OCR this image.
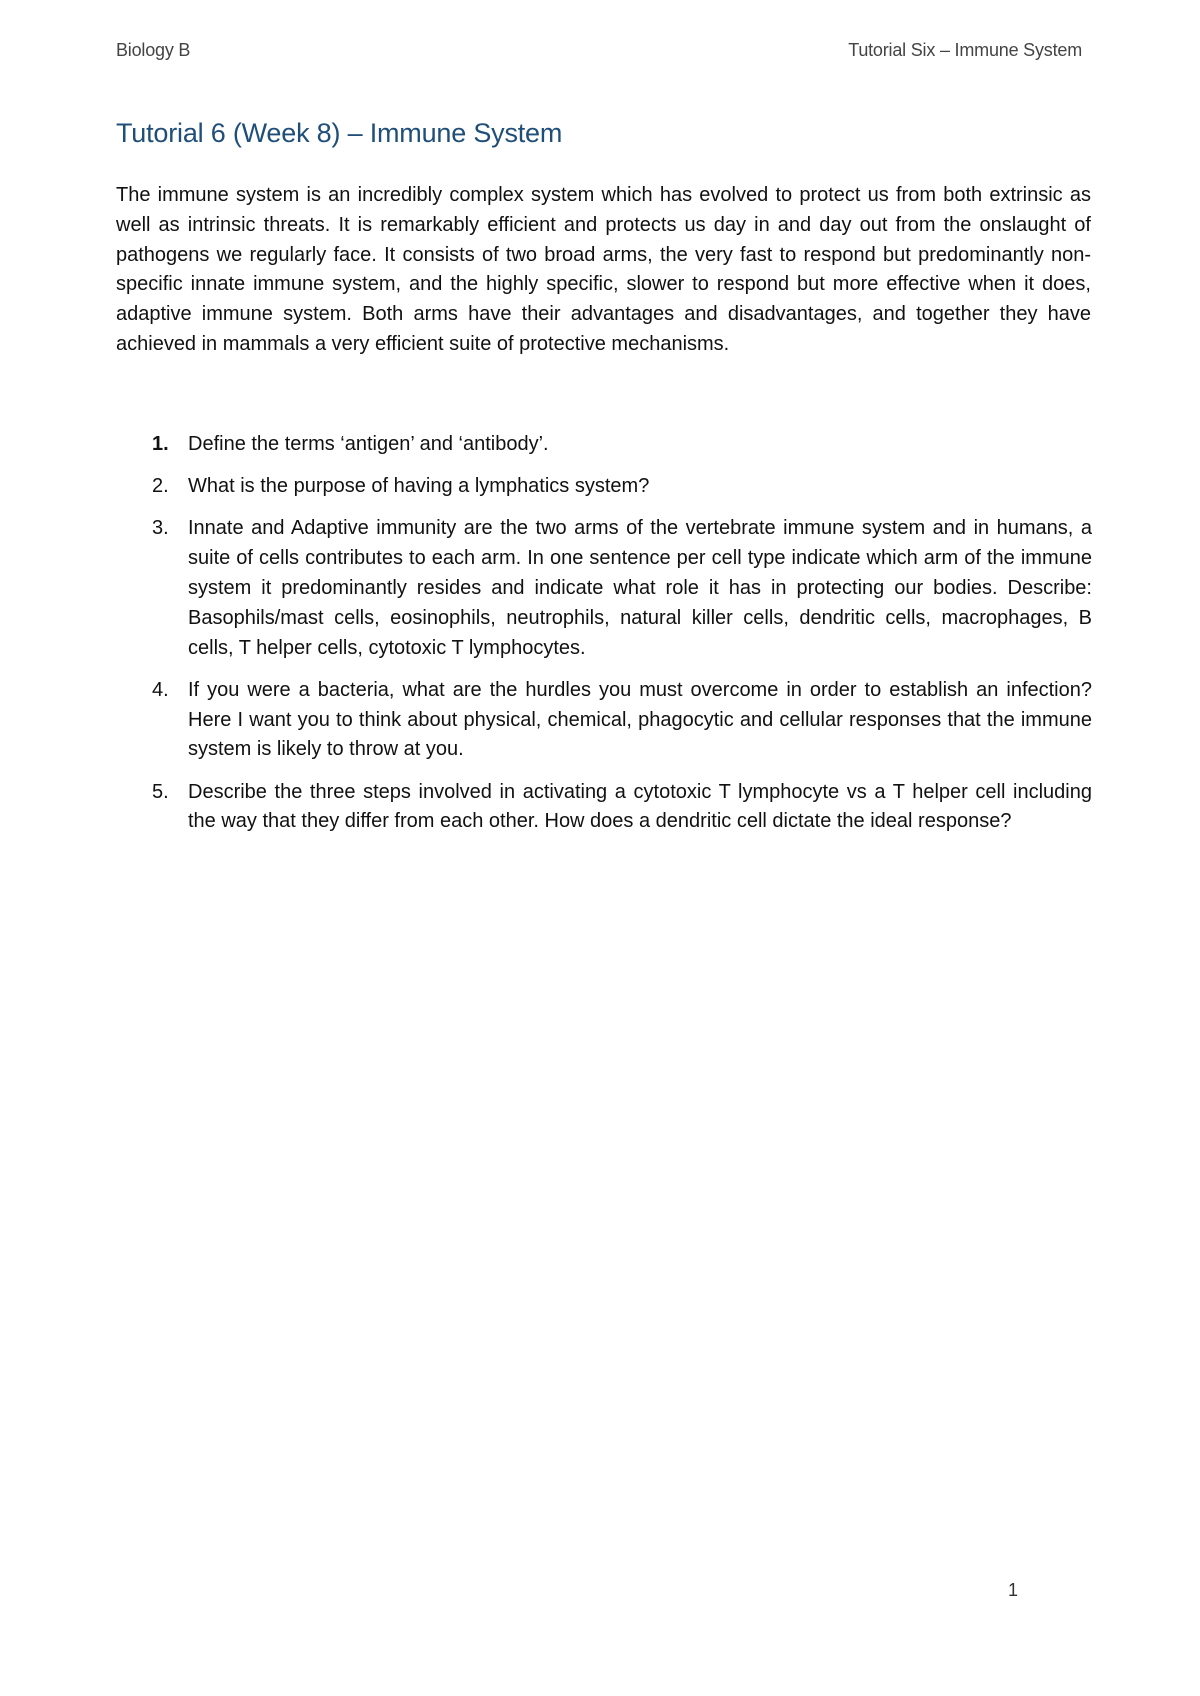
Biology B	Tutorial Six – Immune System
Tutorial 6 (Week 8) – Immune System

The immune system is an incredibly complex system which has evolved to protect us from both extrinsic as well as intrinsic threats. It is remarkably efficient and protects us day in and day out from the onslaught of pathogens we regularly face. It consists of two broad arms, the very fast to respond but predominantly non-specific innate immune system, and the highly specific, slower to respond but more effective when it does, adaptive immune system. Both arms have their advantages and disadvantages, and together they have achieved in mammals a very efficient suite of protective mechanisms.

1. Define the terms ‘antigen’ and ‘antibody’.
2. What is the purpose of having a lymphatics system?
3. Innate and Adaptive immunity are the two arms of the vertebrate immune system and in humans, a suite of cells contributes to each arm. In one sentence per cell type indicate which arm of the immune system it predominantly resides and indicate what role it has in protecting our bodies. Describe: Basophils/mast cells, eosinophils, neutrophils, natural killer cells, dendritic cells, macrophages, B cells, T helper cells, cytotoxic T lymphocytes.
4. If you were a bacteria, what are the hurdles you must overcome in order to establish an infection? Here I want you to think about physical, chemical, phagocytic and cellular responses that the immune system is likely to throw at you.
5. Describe the three steps involved in activating a cytotoxic T lymphocyte vs a T helper cell including the way that they differ from each other. How does a dendritic cell dictate the ideal response?
1
